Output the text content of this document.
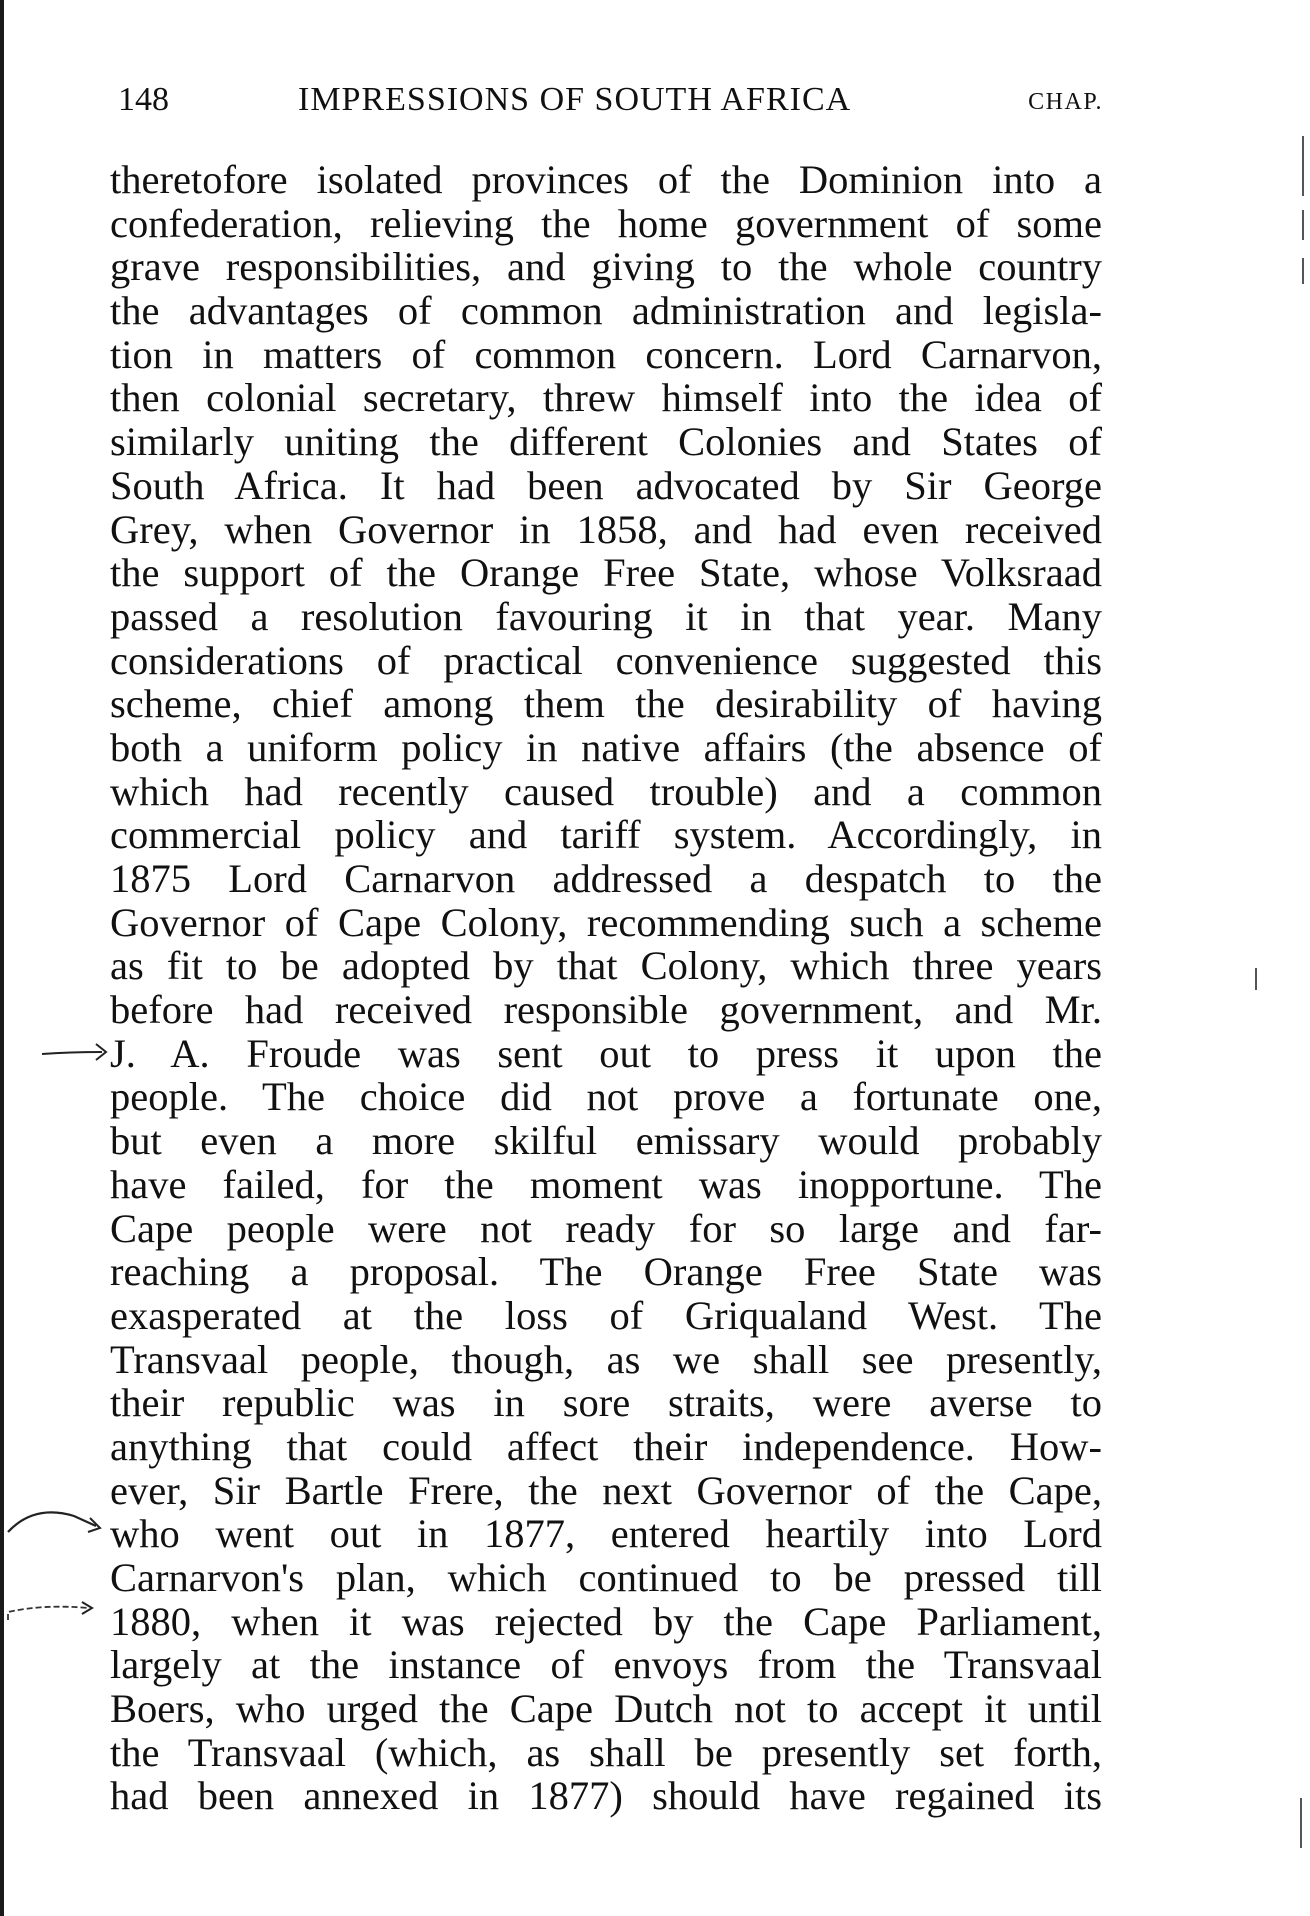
148	IMPRESSIONS OF SOUTH AFRICA	CHAP.
theretofore isolated provinces of the Dominion into a
confederation, relieving the home government of some
grave responsibilities, and giving to the whole country
the advantages of common administration and legisla-
tion in matters of common concern. Lord Carnarvon,
then colonial secretary, threw himself into the idea of
similarly uniting the different Colonies and States of
South Africa. It had been advocated by Sir George
Grey, when Governor in 1858, and had even received
the support of the Orange Free State, whose Volksraad
passed a resolution favouring it in that year. Many
considerations of practical convenience suggested this
scheme, chief among them the desirability of having
both a uniform policy in native affairs (the absence of
which had recently caused trouble) and a common
commercial policy and tariff system. Accordingly, in
1875 Lord Carnarvon addressed a despatch to the
Governor of Cape Colony, recommending such a scheme
as fit to be adopted by that Colony, which three years
before had received responsible government, and Mr.
J. A. Froude was sent out to press it upon the
people. The choice did not prove a fortunate one,
but even a more skilful emissary would probably
have failed, for the moment was inopportune. The
Cape people were not ready for so large and far-
reaching a proposal. The Orange Free State was
exasperated at the loss of Griqualand West. The
Transvaal people, though, as we shall see presently,
their republic was in sore straits, were averse to
anything that could affect their independence. How-
ever, Sir Bartle Frere, the next Governor of the Cape,
who went out in 1877, entered heartily into Lord
Carnarvon's plan, which continued to be pressed till
1880, when it was rejected by the Cape Parliament,
largely at the instance of envoys from the Transvaal
Boers, who urged the Cape Dutch not to accept it until
the Transvaal (which, as shall be presently set forth,
had been annexed in 1877) should have regained its
